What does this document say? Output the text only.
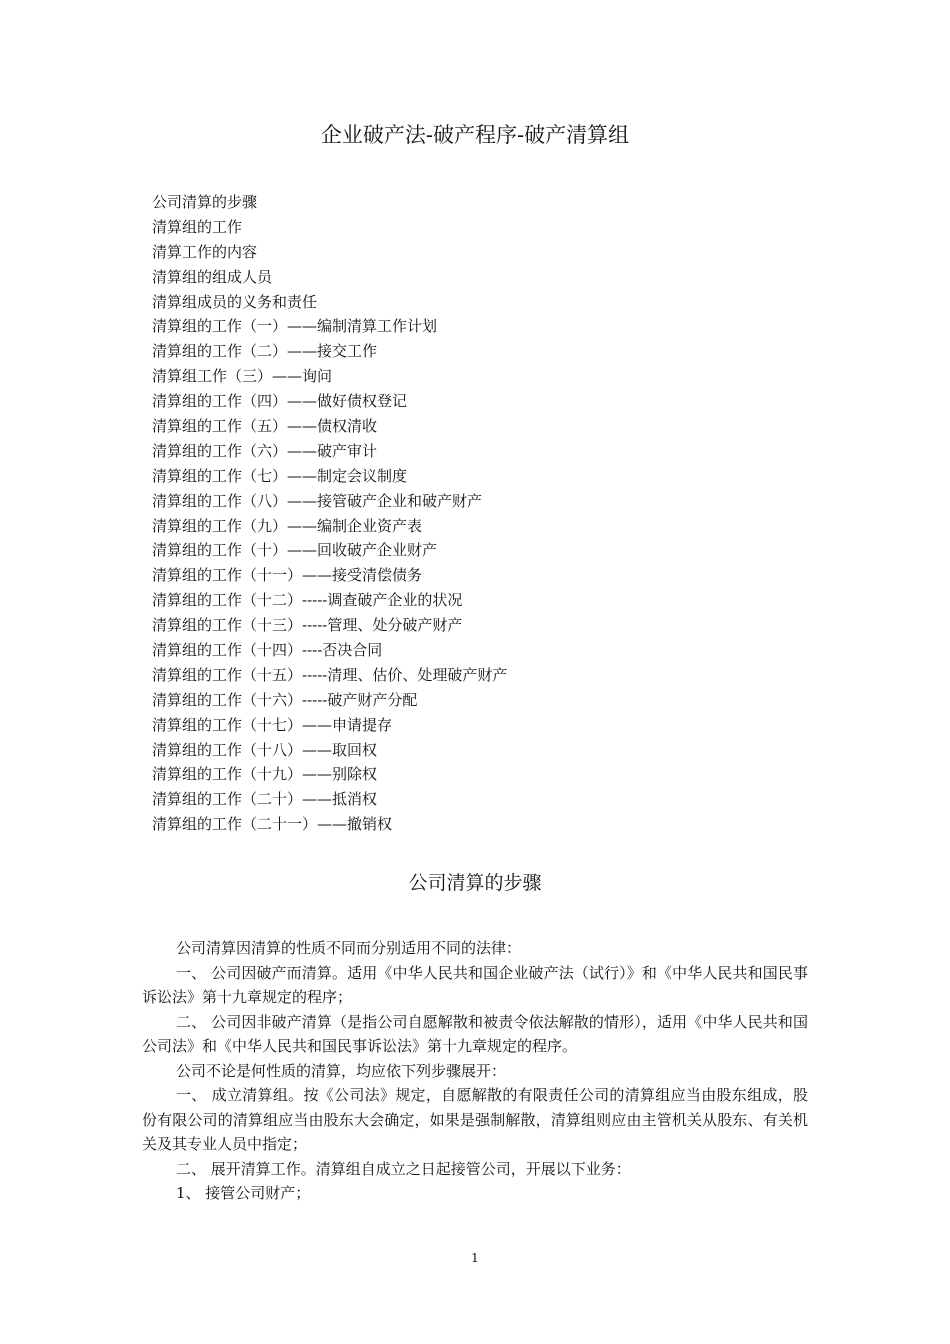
企业破产法-破产程序-破产清算组
公司清算的步骤
清算组的工作
清算工作的内容
清算组的组成人员
清算组成员的义务和责任
清算组的工作（一）——编制清算工作计划
清算组的工作（二）——接交工作
清算组工作（三）——询问
清算组的工作（四）——做好债权登记
清算组的工作（五）——债权清收
清算组的工作（六）——破产审计
清算组的工作（七）——制定会议制度
清算组的工作（八）——接管破产企业和破产财产
清算组的工作（九）——编制企业资产表
清算组的工作（十）——回收破产企业财产
清算组的工作（十一）——接受清偿债务
清算组的工作（十二）-----调查破产企业的状况
清算组的工作（十三）-----管理、处分破产财产
清算组的工作（十四）----否决合同
清算组的工作（十五）-----清理、估价、处理破产财产
清算组的工作（十六）-----破产财产分配
清算组的工作（十七）——申请提存
清算组的工作（十八）——取回权
清算组的工作（十九）——别除权
清算组的工作（二十）——抵消权
清算组的工作（二十一）——撤销权
公司清算的步骤

公司清算因清算的性质不同而分别适用不同的法律：

一、 公司因破产而清算。适用《中华人民共和国企业破产法（试行）》和《中华人民共和国民事诉讼法》第十九章规定的程序；

二、 公司因非破产清算（是指公司自愿解散和被责令依法解散的情形），适用《中华人民共和国公司法》和《中华人民共和国民事诉讼法》第十九章规定的程序。

公司不论是何性质的清算，均应依下列步骤展开：

一、 成立清算组。按《公司法》规定，自愿解散的有限责任公司的清算组应当由股东组成，股份有限公司的清算组应当由股东大会确定，如果是强制解散，清算组则应由主管机关从股东、有关机关及其专业人员中指定；

二、 展开清算工作。清算组自成立之日起接管公司，开展以下业务：

1、 接管公司财产；

1
